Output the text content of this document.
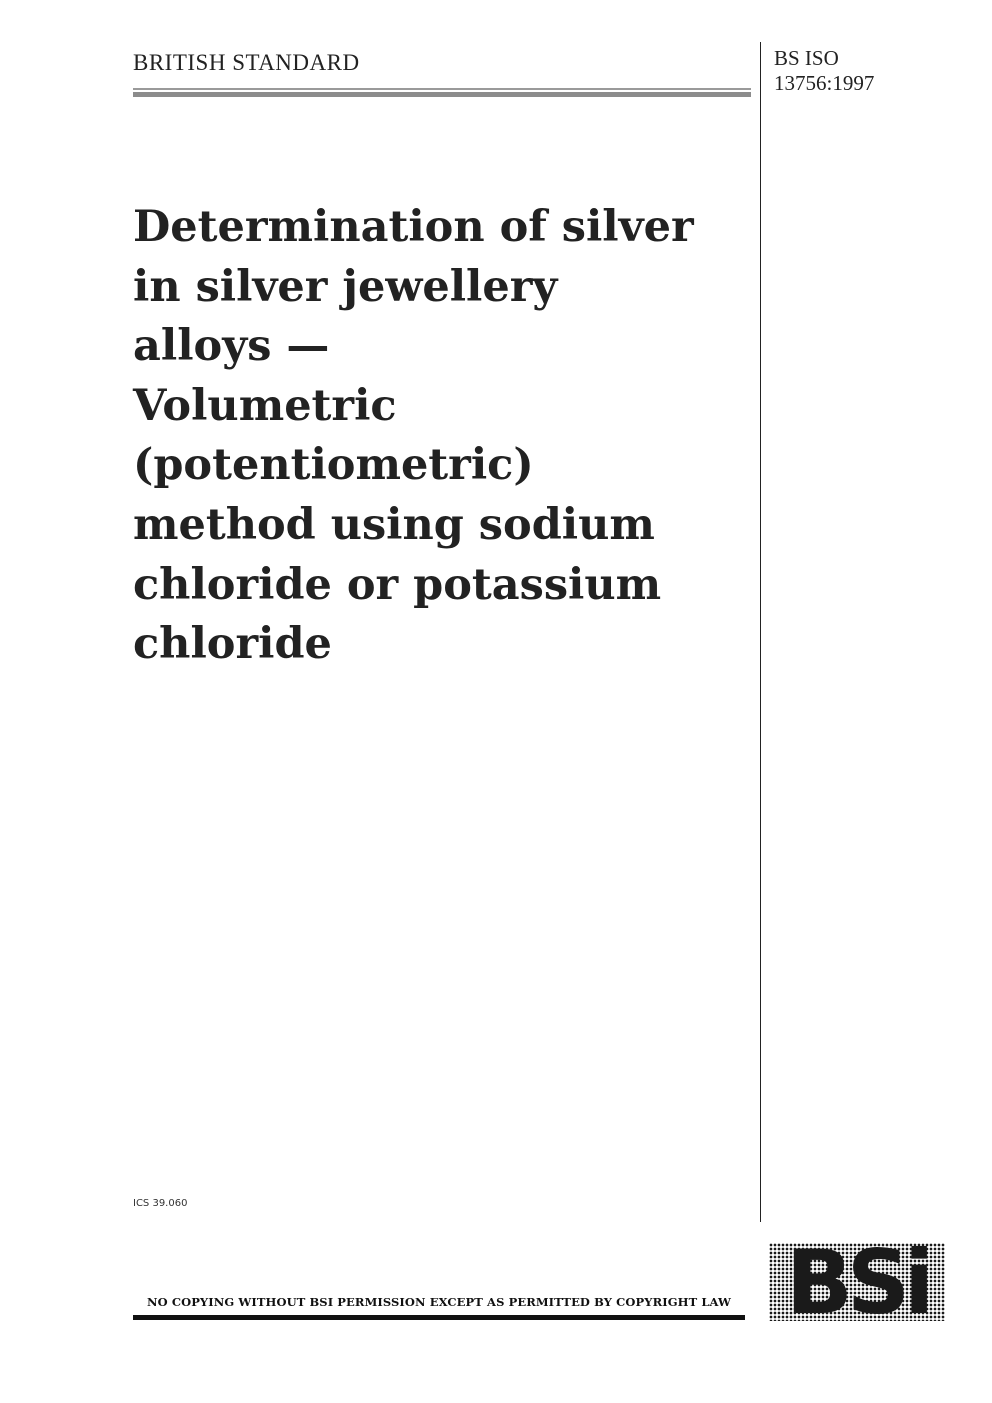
BRITISH STANDARD	BS ISO
13756:1997
Determination of silver
in silver jewellery
alloys —
Volumetric
(potentiometric)
method using sodium
chloride or potassium
chloride
ICS 39.060
NO COPYING WITHOUT BSI PERMISSION EXCEPT AS PERMITTED BY COPYRIGHT LAW BSi
